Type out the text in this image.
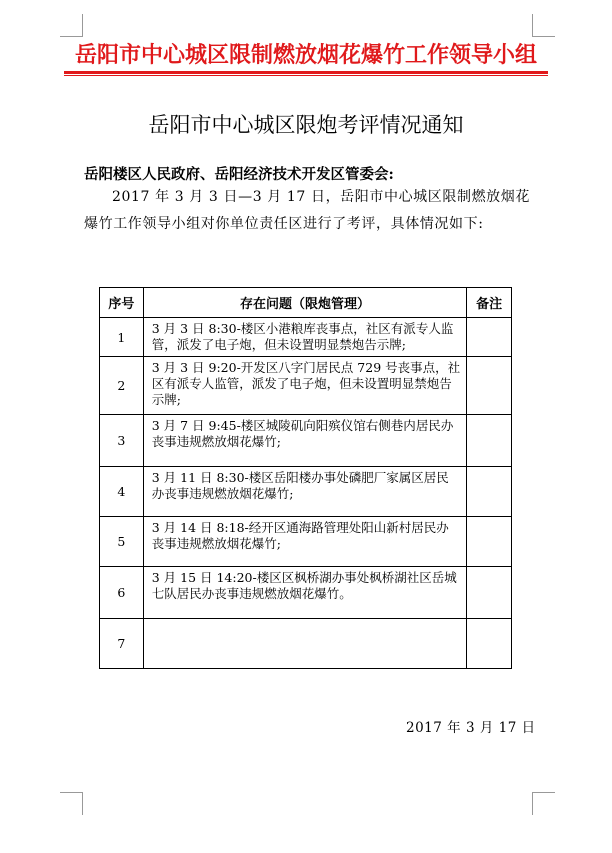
岳阳市中心城区限制燃放烟花爆竹工作领导小组
岳阳市中心城区限炮考评情况通知
岳阳楼区人民政府、岳阳经济技术开发区管委会:
2017 年 3 月 3 日—3 月 17 日，岳阳市中心城区限制燃放烟花爆竹工作领导小组对你单位责任区进行了考评，具体情况如下:
序号	存在问题（限炮管理）	备注
1	3 月 3 日 8:30-楼区小港粮库丧事点，社区有派专人监管，派发了电子炮，但未设置明显禁炮告示牌;	
2	3 月 3 日 9:20-开发区八字门居民点 729 号丧事点，社区有派专人监管，派发了电子炮，但未设置明显禁炮告示牌;	
3	3 月 7 日 9:45-楼区城陵矶向阳殡仪馆右侧巷内居民办丧事违规燃放烟花爆竹;	
4	3 月 11 日 8:30-楼区岳阳楼办事处磷肥厂家属区居民办丧事违规燃放烟花爆竹;	
5	3 月 14 日 8:18-经开区通海路管理处阳山新村居民办丧事违规燃放烟花爆竹;	
6	3 月 15 日 14:20-楼区区枫桥湖办事处枫桥湖社区岳城七队居民办丧事违规燃放烟花爆竹。	
7		
2017 年 3 月 17 日
